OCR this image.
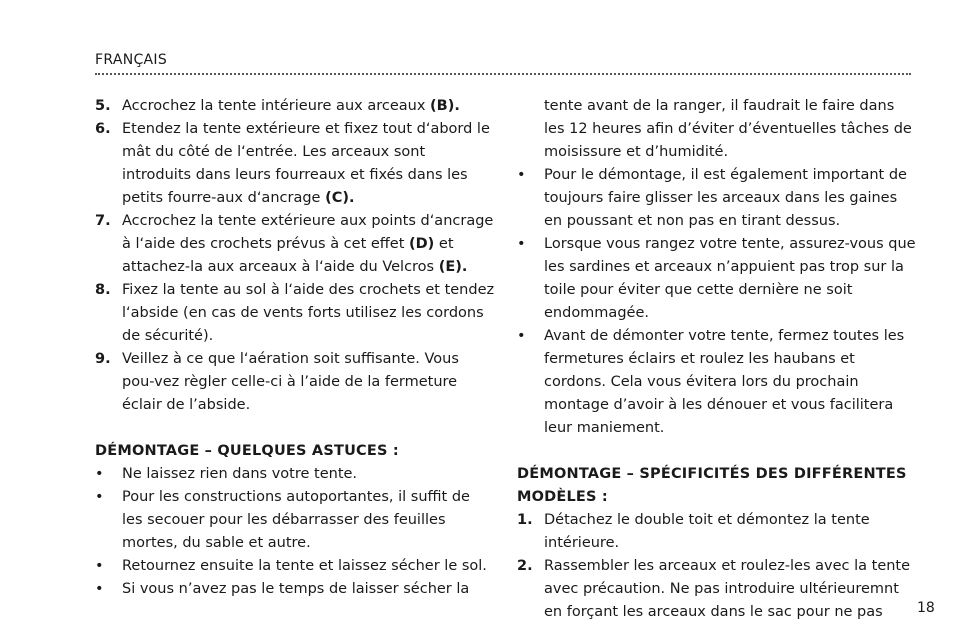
FRANÇAIS
5. Accrochez la tente intérieure aux arceaux (B).
6. Etendez la tente extérieure et fixez tout d‘abord le mât du côté de l‘entrée. Les arceaux sont introduits dans leurs fourreaux et fixés dans les petits fourre-aux d‘ancrage (C).
7. Accrochez la tente extérieure aux points d‘ancrage à l‘aide des crochets prévus à cet effet (D) et attachez-la aux arceaux à l‘aide du Velcros (E).
8. Fixez la tente au sol à l‘aide des crochets et tendez l‘abside (en cas de vents forts utilisez les cordons de sécurité).
9. Veillez à ce que l‘aération soit suffisante. Vous pou-vez règler celle-ci à l’aide de la fermeture éclair de l’abside.
DÉMONTAGE – QUELQUES ASTUCES :
• Ne laissez rien dans votre tente.
• Pour les constructions autoportantes, il suffit de les secouer pour les débarrasser des feuilles mortes, du sable et autre.
• Retournez ensuite la tente et laissez sécher le sol.
• Si vous n’avez pas le temps de laisser sécher la
tente avant de la ranger, il faudrait le faire dans les 12 heures afin d’éviter d’éventuelles tâches de moisissure et d’humidité.
• Pour le démontage, il est également important de toujours faire glisser les arceaux dans les gaines en poussant et non pas en tirant dessus.
• Lorsque vous rangez votre tente, assurez-vous que les sardines et arceaux n’appuient pas trop sur la toile pour éviter que cette dernière ne soit endommagée.
• Avant de démonter votre tente, fermez toutes les fermetures éclairs et roulez les haubans et cordons. Cela vous évitera lors du prochain montage d’avoir à les dénouer et vous facilitera leur maniement.
DÉMONTAGE – SPÉCIFICITÉS DES DIFFÉRENTES MODÈLES :
1. Détachez le double toit et démontez la tente intérieure.
2. Rassembler les arceaux et roulez-les avec la tente avec précaution. Ne pas introduire ultérieuremnt en forçant les arceaux dans le sac pour ne pas	18
